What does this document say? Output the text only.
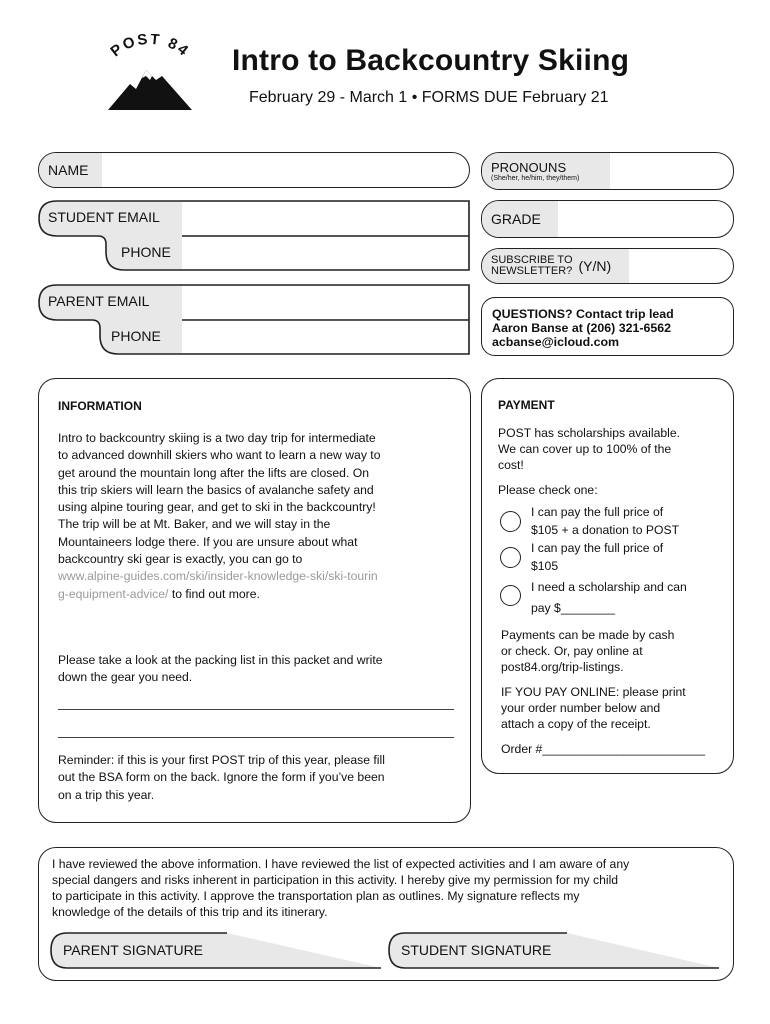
POST 84 Intro to Backcountry Skiing
February 29 - March 1 • FORMS DUE February 21
NAME
STUDENT EMAIL
PHONE
PARENT EMAIL
PHONE
PRONOUNS
(She/her, he/him, they/them)
GRADE
SUBSCRIBE TO
NEWSLETTER? (Y/N)
QUESTIONS? Contact trip lead
Aaron Banse at (206) 321-6562
acbanse@icloud.com
INFORMATION
Intro to backcountry skiing is a two day trip for intermediate
to advanced downhill skiers who want to learn a new way to
get around the mountain long after the lifts are closed. On
this trip skiers will learn the basics of avalanche safety and
using alpine touring gear, and get to ski in the backcountry!
The trip will be at Mt. Baker, and we will stay in the
Mountaineers lodge there. If you are unsure about what
backcountry ski gear is exactly, you can go to
www.alpine-guides.com/ski/insider-knowledge-ski/ski-tourin
g-equipment-advice/ to find out more.
Please take a look at the packing list in this packet and write
down the gear you need.
Reminder: if this is your first POST trip of this year, please fill
out the BSA form on the back. Ignore the form if you’ve been
on a trip this year.
PAYMENT
POST has scholarships available.
We can cover up to 100% of the
cost!
Please check one:
I can pay the full price of
$105 + a donation to POST
I can pay the full price of
$105
I need a scholarship and can
pay $________
Payments can be made by cash
or check. Or, pay online at
post84.org/trip-listings.
IF YOU PAY ONLINE: please print
your order number below and
attach a copy of the receipt.
Order #________________________
I have reviewed the above information. I have reviewed the list of expected activities and I am aware of any
special dangers and risks inherent in participation in this activity. I hereby give my permission for my child
to participate in this activity. I approve the transportation plan as outlines. My signature reflects my
knowledge of the details of this trip and its itinerary.
PARENT SIGNATURE	STUDENT SIGNATURE
